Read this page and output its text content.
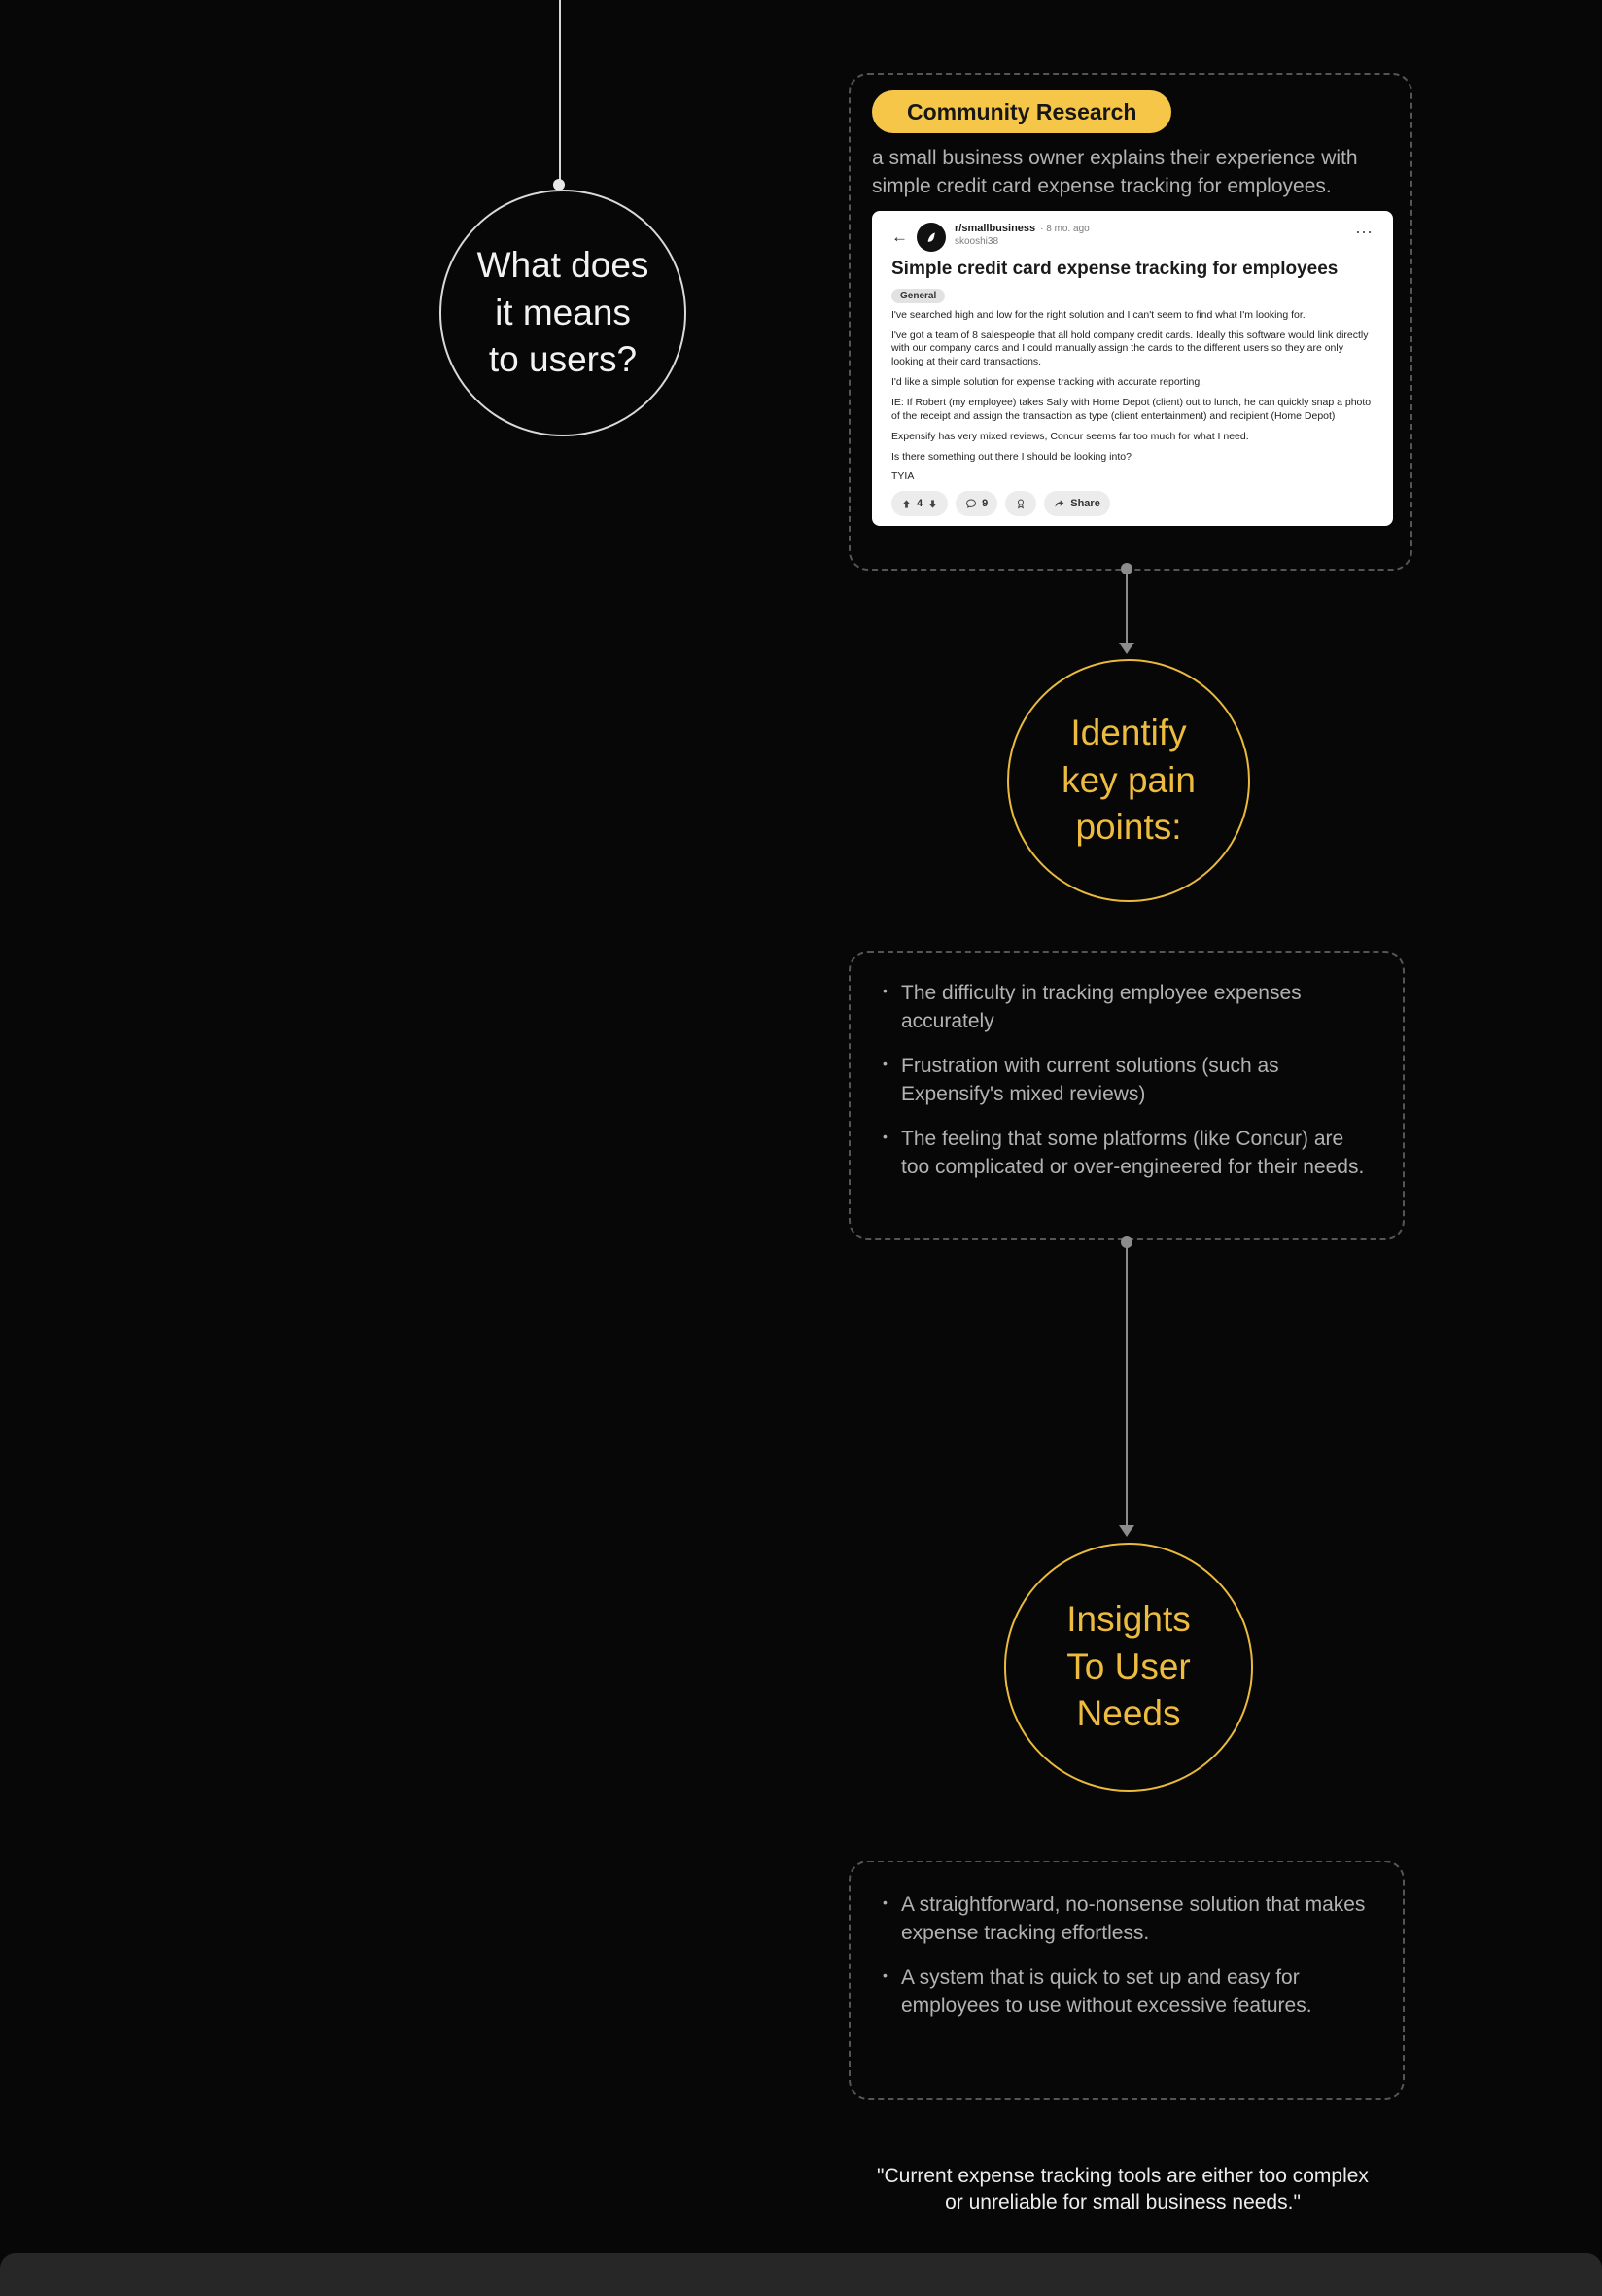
What does
it means
to users?
Community Research
a small business owner explains their experience with simple credit card expense tracking for employees.
←	r/smallbusiness · 8 mo. ago
skooshi38	⋯
Simple credit card expense tracking for employees
General

I've searched high and low for the right solution and I can't seem to find what I'm looking for.

I've got a team of 8 salespeople that all hold company credit cards. Ideally this software would link directly with our company cards and I could manually assign the cards to the different users so they are only looking at their card transactions.

I'd like a simple solution for expense tracking with accurate reporting.

IE: If Robert (my employee) takes Sally with Home Depot (client) out to lunch, he can quickly snap a photo of the receipt and assign the transaction as type (client entertainment) and recipient (Home Depot)

Expensify has very mixed reviews, Concur seems far too much for what I need.

Is there something out there I should be looking into?

TYIA

4	9	Share
Identify
key pain
points:
• The difficulty in tracking employee expenses accurately
• Frustration with current solutions (such as Expensify's mixed reviews)
• The feeling that some platforms (like Concur) are too complicated or over-engineered for their needs.
Insights
To User
Needs
• A straightforward, no-nonsense solution that makes expense tracking effortless.
• A system that is quick to set up and easy for employees to use without excessive features.
"Current expense tracking tools are either too complex or unreliable for small business needs."
